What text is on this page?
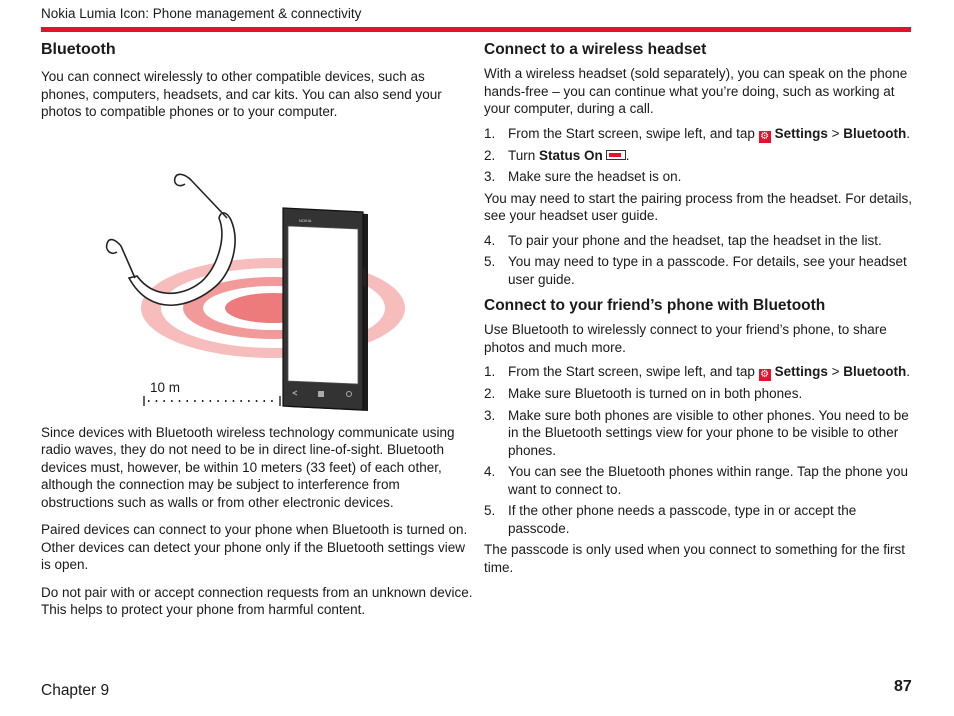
Nokia Lumia Icon: Phone management & connectivity
Bluetooth

You can connect wirelessly to other compatible devices, such as phones, computers, headsets, and car kits. You can also send your photos to compatible phones or to your computer.

NOKIA
10 m

Since devices with Bluetooth wireless technology communicate using radio waves, they do not need to be in direct line-of-sight. Bluetooth devices must, however, be within 10 meters (33 feet) of each other, although the connection may be subject to interference from obstructions such as walls or from other electronic devices.

Paired devices can connect to your phone when Bluetooth is turned on. Other devices can detect your phone only if the Bluetooth settings view is open.

Do not pair with or accept connection requests from an unknown device. This helps to protect your phone from harmful content.

Connect to a wireless headset

With a wireless headset (sold separately), you can speak on the phone hands-free – you can continue what you’re doing, such as working at your computer, during a call.

1. From the Start screen, swipe left, and tap ⚙ Settings > Bluetooth.
2. Turn Status On .
3. Make sure the headset is on.

You may need to start the pairing process from the headset. For details, see your headset user guide.

4. To pair your phone and the headset, tap the headset in the list.
5. You may need to type in a passcode. For details, see your headset user guide.
Connect to your friend’s phone with Bluetooth

Use Bluetooth to wirelessly connect to your friend’s phone, to share photos and much more.

1. From the Start screen, swipe left, and tap ⚙ Settings > Bluetooth.
2. Make sure Bluetooth is turned on in both phones.
3. Make sure both phones are visible to other phones. You need to be in the Bluetooth settings view for your phone to be visible to other phones.
4. You can see the Bluetooth phones within range. Tap the phone you want to connect to.
5. If the other phone needs a passcode, type in or accept the passcode.

The passcode is only used when you connect to something for the first time.

Chapter 9	87
